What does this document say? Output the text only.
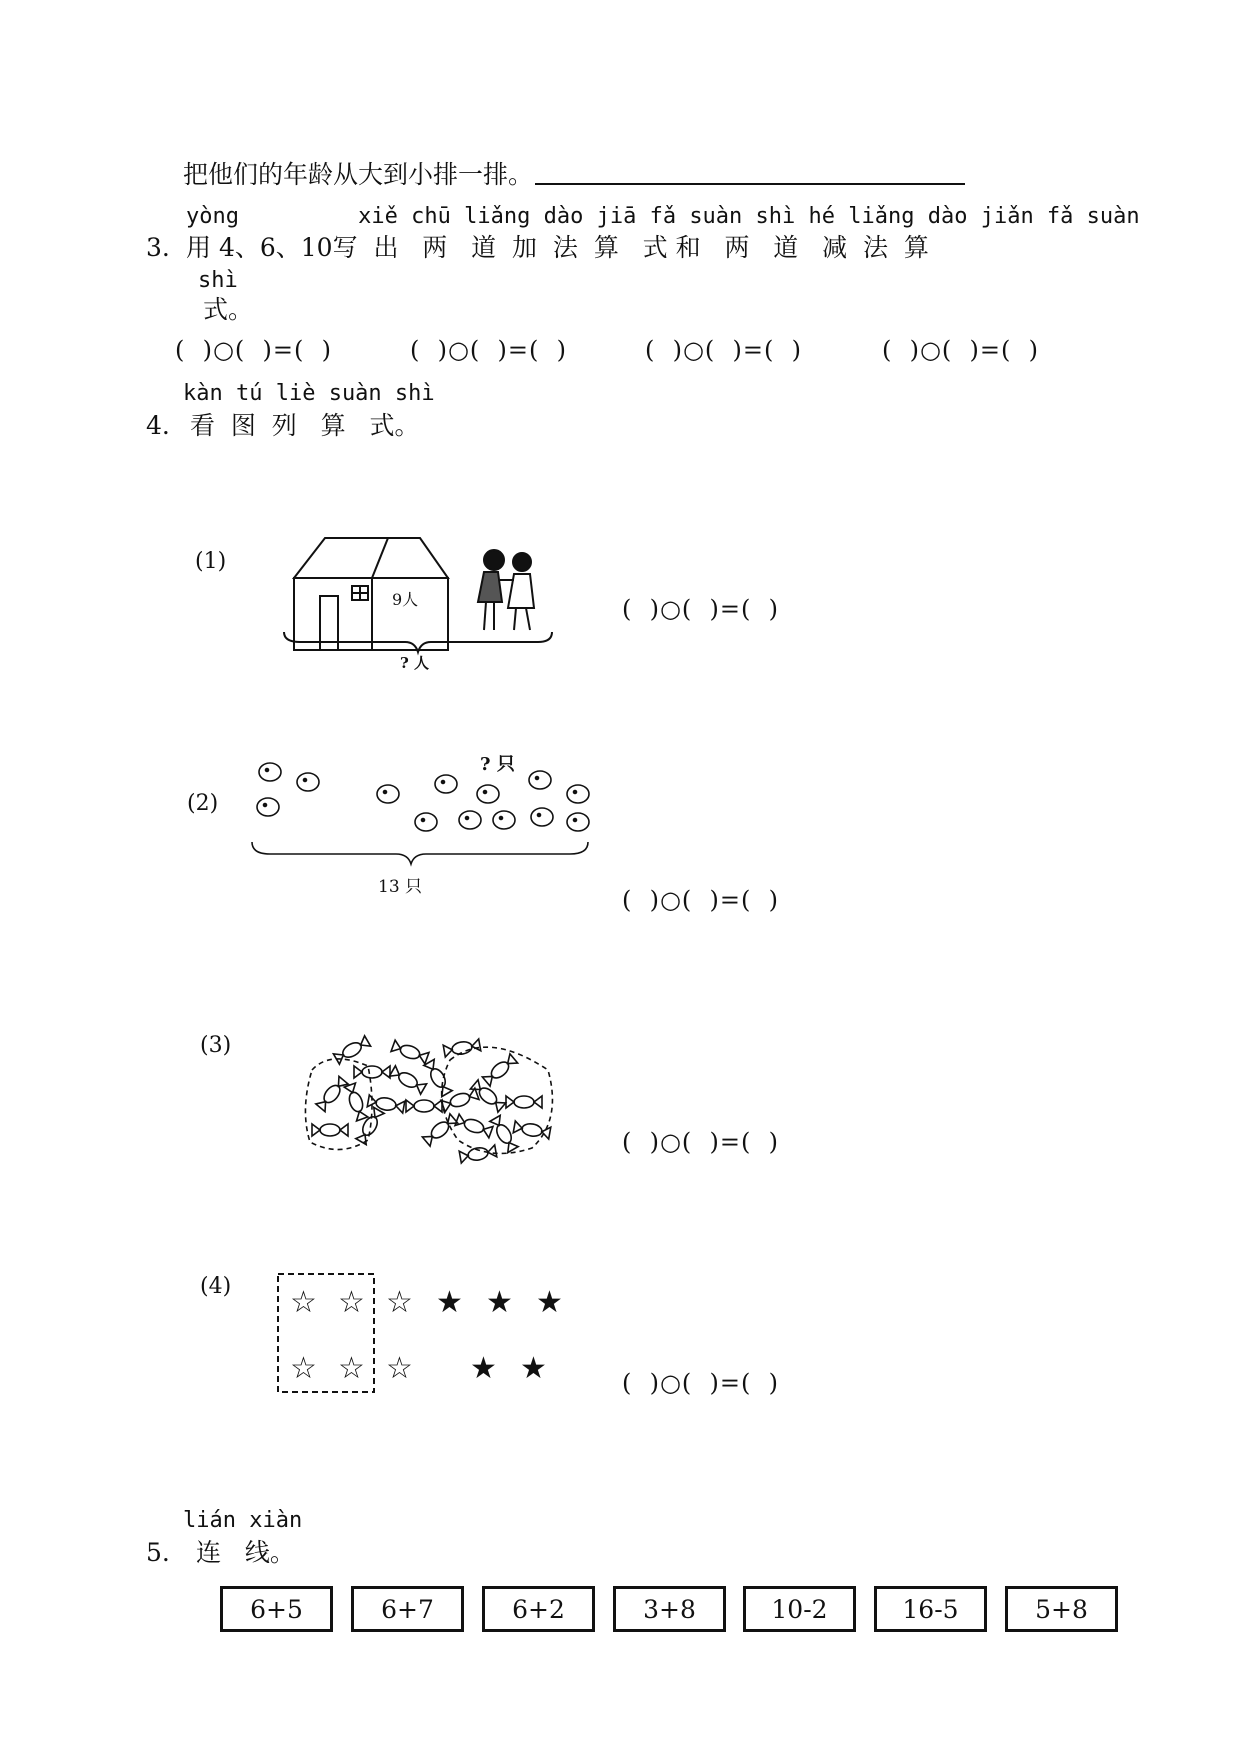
把他们的年龄从大到小排一排。
yòng         xiě chū liǎng dào jiā fǎ suàn shì hé liǎng dào jiǎn fǎ suàn
3. 用 4、6、10写  出   两   道  加  法  算   式 和   两   道   减  法  算
shì
式。
(  )○(  )=(  )	(  )○(  )=(  )	(  )○(  )=(  )	(  )○(  )=(  )
kàn tú liè suàn shì
4. 看  图  列   算   式。
(1)
9人
? 人
(  )○(  )=(  )
(2)
? 只
13 只	(  )○(  )=(  )
(3)
(  )○(  )=(  )
(4) ☆ ☆ ☆ ★ ★ ★
☆ ☆ ☆ ★ ★	(  )○(  )=(  )
lián xiàn
5. 连   线。
6+5	6+7	6+2	3+8	10-2	16-5	5+8
